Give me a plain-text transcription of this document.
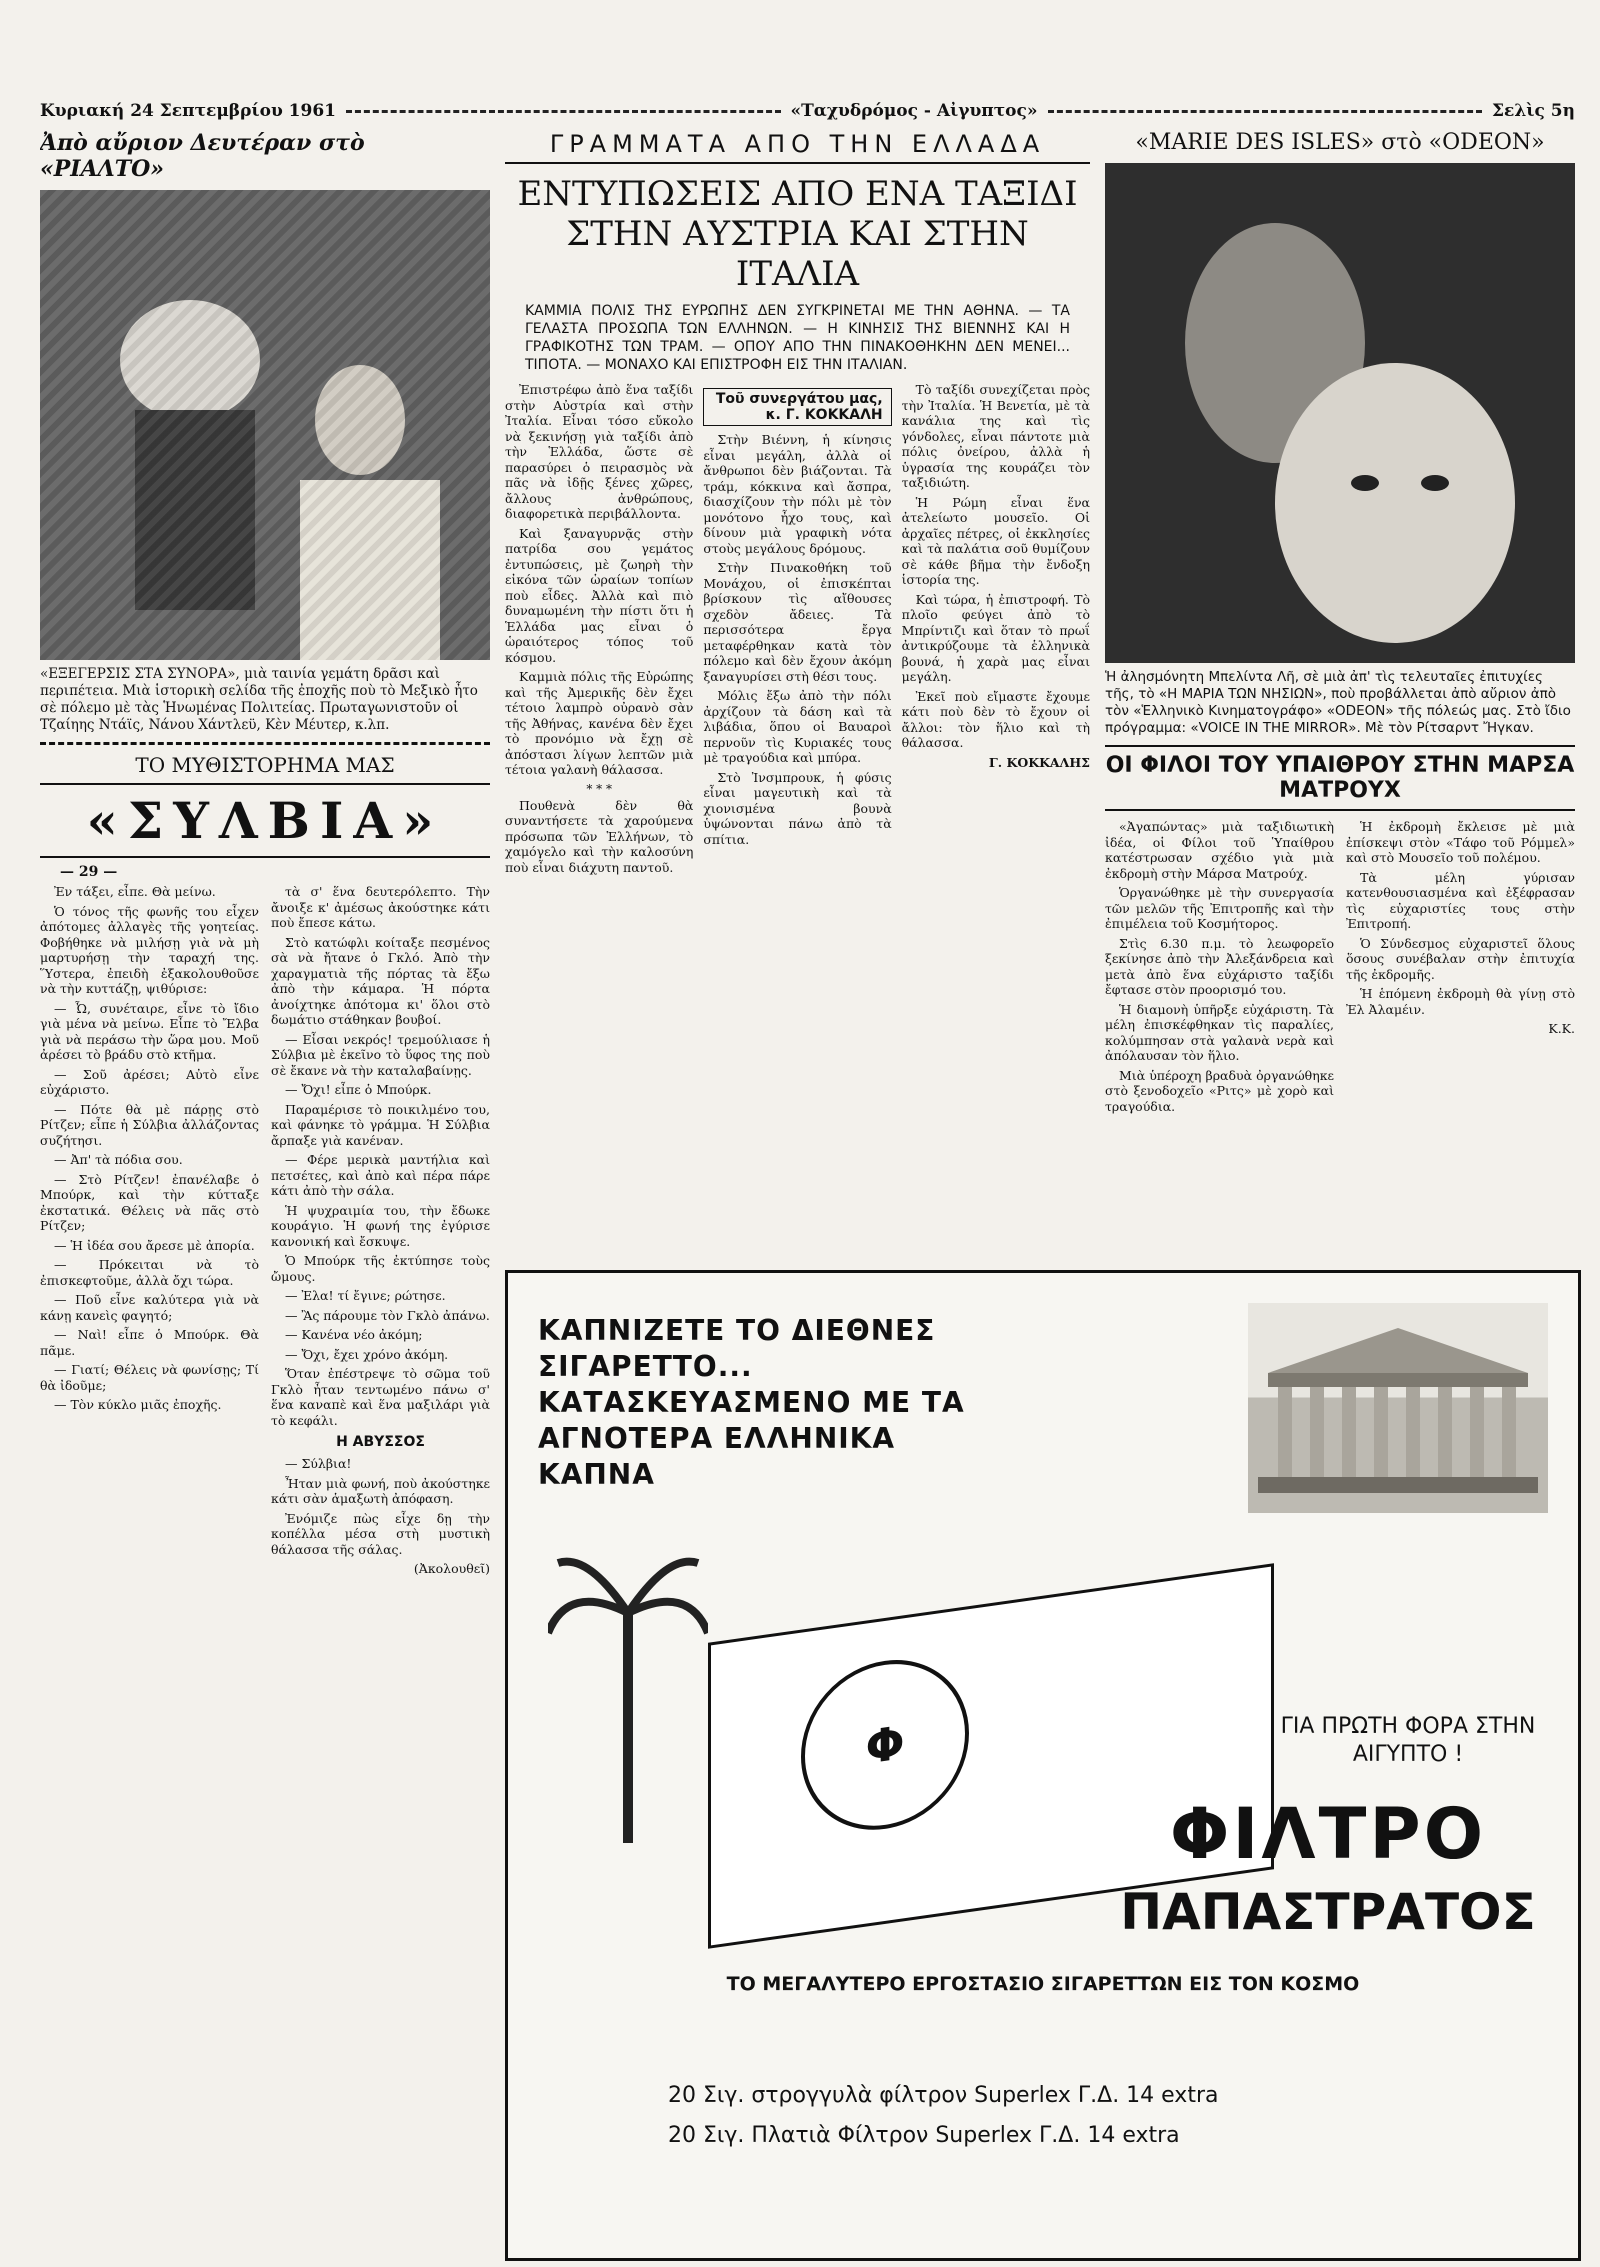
Κυριακή 24 Σεπτεμβρίου 1961	«Ταχυδρόμος - Αἰγυπτος»	Σελὶς 5η
Ἀπὸ αὔριον Δευτέραν στὸ «ΡΙΑΛΤΟ»
«ΕΞΕΓΕΡΣΙΣ ΣΤΑ ΣΥΝΟΡΑ», μιὰ ταινία γεμάτη δρᾶσι καὶ περιπέτεια. Μιὰ ἱστορικὴ σελίδα τῆς ἐποχῆς ποὺ τὸ Μεξικὸ ἦτο σὲ πόλεμο μὲ τὰς Ἡνωμένας Πολιτείας. Πρωταγωνιστοῦν οἱ Τζαίηης Ντάϊς, Νάνου Χάντλεϋ, Κὲν Μέυτερ, κ.λπ.
ΤΟ ΜΥΘΙΣΤΟΡΗΜΑ ΜΑΣ
«ΣΥΛΒΙΑ»
— 29 —

Ἐν τάξει, εἶπε. Θὰ μείνω.

Ὁ τόνος τῆς φωνῆς του εἶχεν ἀπότομες ἀλλαγὲς τῆς γοητείας. Φοβήθηκε νὰ μιλήσῃ γιὰ νὰ μὴ μαρτυρήσῃ τὴν ταραχή της. Ὕστερα, ἐπειδὴ ἐξακολουθοῦσε νὰ τὴν κυττάζῃ, ψιθύρισε:

— Ὦ, συνέταιρε, εἶνε τὸ ἴδιο γιὰ μένα νὰ μείνω. Εἶπε τὸ Ἔλβα γιὰ νὰ περάσω τὴν ὥρα μου. Μοῦ ἀρέσει τὸ βράδυ στὸ κτῆμα.

— Σοῦ ἀρέσει; Αὐτὸ εἶνε εὐχάριστο.

— Πότε θὰ μὲ πάρῃς στὸ Ρίτζεν; εἶπε ἡ Σύλβια ἀλλάζοντας συζήτησι.

— Ἀπ' τὰ πόδια σου.

— Στὸ Ρίτζεν! ἐπανέλαβε ὁ Μπούρκ, καὶ τὴν κύτταξε ἐκστατικά. Θέλεις νὰ πᾶς στὸ Ρίτζεν;

— Ἡ ἰδέα σου ἄρεσε μὲ ἀπορία.

— Πρόκειται νὰ τὸ ἐπισκεφτοῦμε, ἀλλὰ ὄχι τώρα.

— Ποῦ εἶνε καλύτερα γιὰ νὰ κάνῃ κανεὶς φαγητό;

— Ναὶ! εἶπε ὁ Μπούρκ. Θὰ πᾶμε.

— Γιατί; Θέλεις νὰ φωνίσῃς; Τί θὰ ἰδοῦμε;

— Τὸν κύκλο μιᾶς ἐποχῆς.

τὰ σ' ἕνα δευτερόλεπτο. Τὴν ἄνοιξε κ' ἀμέσως ἀκούστηκε κάτι ποὺ ἔπεσε κάτω.

Στὸ κατώφλι κοίταξε πεσμένος σὰ νὰ ἤτανε ὁ Γκλό. Ἀπὸ τὴν χαραγματιὰ τῆς πόρτας τὰ ἔξω ἀπὸ τὴν κάμαρα. Ἡ πόρτα ἀνοίχτηκε ἀπότομα κι' ὅλοι στὸ δωμάτιο στάθηκαν βουβοί.

— Εἶσαι νεκρός! τρεμούλιασε ἡ Σύλβια μὲ ἐκεῖνο τὸ ὕφος της ποὺ σὲ ἔκανε νὰ τὴν καταλαβαίνῃς.

— Ὄχι! εἶπε ὁ Μπούρκ.

Παραμέρισε τὸ ποικιλμένο του, καὶ φάνηκε τὸ γράμμα. Ἡ Σύλβια ἄρπαξε γιὰ κανέναν.

— Φέρε μερικὰ μαντήλια καὶ πετσέτες, καὶ ἀπὸ καὶ πέρα πάρε κάτι ἀπὸ τὴν σάλα.

Ἡ ψυχραιμία του, τὴν ἔδωκε κουράγιο. Ἡ φωνή της ἐγύρισε κανονική καὶ ἔσκυψε.

Ὁ Μπούρκ τῆς ἐκτύπησε τοὺς ὤμους.

— Ἐλα! τί ἔγινε; ρώτησε.

— Ἂς πάρουμε τὸν Γκλὸ ἀπάνω.

— Κανένα νέο ἀκόμη;

— Ὄχι, ἔχει χρόνο ἀκόμη.

Ὅταν ἐπέστρεψε τὸ σῶμα τοῦ Γκλὸ ἦταν τεντωμένο πάνω σ' ἕνα καναπὲ καὶ ἕνα μαξιλάρι γιὰ τὸ κεφάλι.

Η ΑΒΥΣΣΟΣ

— Σύλβια!

Ἦταν μιὰ φωνή, ποὺ ἀκούστηκε κάτι σὰν ἁμαξωτὴ ἀπόφαση.

Ἐνόμιζε πὼς εἶχε δῃ τὴν κοπέλλα μέσα στὴ μυστικὴ θάλασσα τῆς σάλας.

(Ἀκολουθεῖ)

ΓΡΑΜΜΑΤΑ ΑΠΟ ΤΗΝ ΕΛΛΑΔΑ
ΕΝΤΥΠΩΣΕΙΣ ΑΠΟ ΕΝΑ ΤΑΞΙΔΙ
ΣΤΗΝ ΑΥΣΤΡΙΑ ΚΑΙ ΣΤΗΝ ΙΤΑΛΙΑ
ΚΑΜΜΙΑ ΠΟΛΙΣ ΤΗΣ ΕΥΡΩΠΗΣ ΔΕΝ ΣΥΓΚΡΙΝΕΤΑΙ ΜΕ ΤΗΝ ΑΘΗΝΑ. — ΤΑ ΓΕΛΑΣΤΑ ΠΡΟΣΩΠΑ ΤΩΝ ΕΛΛΗΝΩΝ. — Η ΚΙΝΗΣΙΣ ΤΗΣ ΒΙΕΝΝΗΣ ΚΑΙ Η ΓΡΑΦΙΚΟΤΗΣ ΤΩΝ ΤΡΑΜ. — ΟΠΟΥ ΑΠΟ ΤΗΝ ΠΙΝΑΚΟΘΗΚΗΝ ΔΕΝ ΜΕΝΕΙ... ΤΙΠΟΤΑ. — ΜΟΝΑΧΟ ΚΑΙ ΕΠΙΣΤΡΟΦΗ ΕΙΣ ΤΗΝ ΙΤΑΛΙΑΝ.

Ἐπιστρέφω ἀπὸ ἕνα ταξίδι στὴν Αὐστρία καὶ στὴν Ἰταλία. Εἶναι τόσο εὔκολο νὰ ξεκινήσῃ γιὰ ταξίδι ἀπὸ τὴν Ἑλλάδα, ὥστε σὲ παρασύρει ὁ πειρασμὸς νὰ πᾶς νὰ ἰδῇς ξένες χῶρες, ἄλλους ἀνθρώπους, διαφορετικὰ περιβάλλοντα.

Καὶ ξαναγυρνᾷς στὴν πατρίδα σου γεμάτος ἐντυπώσεις, μὲ ζωηρὴ τὴν εἰκόνα τῶν ὡραίων τοπίων ποὺ εἶδες. Ἀλλὰ καὶ πιὸ δυναμωμένη τὴν πίστι ὅτι ἡ Ἑλλάδα μας εἶναι ὁ ὡραιότερος τόπος τοῦ κόσμου.

Καμμιὰ πόλις τῆς Εὐρώπης καὶ τῆς Ἀμερικῆς δὲν ἔχει τέτοιο λαμπρὸ οὐρανὸ σὰν τῆς Ἀθήνας, κανένα δὲν ἔχει τὸ προνόμιο νὰ ἔχῃ σὲ ἀπόστασι λίγων λεπτῶν μιὰ τέτοια γαλανὴ θάλασσα.

* * *

Πουθενὰ δὲν θὰ συναντήσετε τὰ χαρούμενα πρόσωπα τῶν Ἑλλήνων, τὸ χαμόγελο καὶ τὴν καλοσύνη ποὺ εἶναι διάχυτη παντοῦ.

Τοῦ συνεργάτου μας, κ. Γ. ΚΟΚΚΑΛΗ

Στὴν Βιέννη, ἡ κίνησις εἶναι μεγάλη, ἀλλὰ οἱ ἄνθρωποι δὲν βιάζονται. Τὰ τράμ, κόκκινα καὶ ἄσπρα, διασχίζουν τὴν πόλι μὲ τὸν μονότονο ἦχο τους, καὶ δίνουν μιὰ γραφικὴ νότα στοὺς μεγάλους δρόμους.

Στὴν Πινακοθήκη τοῦ Μονάχου, οἱ ἐπισκέπται βρίσκουν τὶς αἴθουσες σχεδὸν ἄδειες. Τὰ περισσότερα ἔργα μεταφέρθηκαν κατὰ τὸν πόλεμο καὶ δὲν ἔχουν ἀκόμη ξαναγυρίσει στὴ θέσι τους.

Μόλις ἔξω ἀπὸ τὴν πόλι ἀρχίζουν τὰ δάση καὶ τὰ λιβάδια, ὅπου οἱ Βαυαροὶ περνοῦν τὶς Κυριακές τους μὲ τραγούδια καὶ μπύρα.

Στὸ Ἰνσμπρουκ, ἡ φύσις εἶναι μαγευτικὴ καὶ τὰ χιονισμένα βουνὰ ὑψώνονται πάνω ἀπὸ τὰ σπίτια.

Τὸ ταξίδι συνεχίζεται πρὸς τὴν Ἰταλία. Ἡ Βενετία, μὲ τὰ κανάλια της καὶ τὶς γόνδολες, εἶναι πάντοτε μιὰ πόλις ὀνείρου, ἀλλὰ ἡ ὑγρασία της κουράζει τὸν ταξιδιώτη.

Ἡ Ρώμη εἶναι ἕνα ἀτελείωτο μουσεῖο. Οἱ ἀρχαῖες πέτρες, οἱ ἐκκλησίες καὶ τὰ παλάτια σοῦ θυμίζουν σὲ κάθε βῆμα τὴν ἔνδοξη ἱστορία της.

Καὶ τώρα, ἡ ἐπιστροφή. Τὸ πλοῖο φεύγει ἀπὸ τὸ Μπρίντιζι καὶ ὅταν τὸ πρωΐ ἀντικρύζουμε τὰ ἑλληνικὰ βουνά, ἡ χαρὰ μας εἶναι μεγάλη.

Ἐκεῖ ποὺ εἴμαστε ἔχουμε κάτι ποὺ δὲν τὸ ἔχουν οἱ ἄλλοι: τὸν ἥλιο καὶ τὴ θάλασσα.

Γ. ΚΟΚΚΑΛΗΣ

«MARIE DES ISLES» στὸ «ODEON»
Ἡ ἀλησμόνητη Μπελίντα Λῆ, σὲ μιὰ ἀπ' τὶς τελευταῖες ἐπιτυχίες τῆς, τὸ «Η ΜΑΡΙΑ ΤΩΝ ΝΗΣΙΩΝ», ποὺ προβάλλεται ἀπὸ αὔριον ἀπὸ τὸν «Ἑλληνικὸ Κινηματογράφο» «ODEON» τῆς πόλεώς μας. Στὸ ἴδιο πρόγραμμα: «VOICE IN THE MIRROR». Μὲ τὸν Ρίτσαρντ Ἤγκαν.
ΟΙ ΦΙΛΟΙ ΤΟΥ ΥΠΑΙΘΡΟΥ ΣΤΗΝ ΜΑΡΣΑ ΜΑΤΡΟΥΧ

«Ἀγαπώντας» μιὰ ταξιδιωτικὴ ἰδέα, οἱ Φίλοι τοῦ Ὑπαίθρου κατέστρωσαν σχέδιο γιὰ μιὰ ἐκδρομὴ στὴν Μάρσα Ματρούχ.

Ὁργανώθηκε μὲ τὴν συνεργασία τῶν μελῶν τῆς Ἐπιτροπῆς καὶ τὴν ἐπιμέλεια τοῦ Κοσμήτορος.

Στὶς 6.30 π.μ. τὸ λεωφορεῖο ξεκίνησε ἀπὸ τὴν Ἀλεξάνδρεια καὶ μετὰ ἀπὸ ἕνα εὐχάριστο ταξίδι ἔφτασε στὸν προορισμό του.

Ἡ διαμονὴ ὑπῆρξε εὐχάριστη. Τὰ μέλη ἐπισκέφθηκαν τὶς παραλίες, κολύμπησαν στὰ γαλανὰ νερὰ καὶ ἀπόλαυσαν τὸν ἥλιο.

Μιὰ ὑπέροχη βραδυὰ ὀργανώθηκε στὸ ξενοδοχεῖο «Ριτς» μὲ χορὸ καὶ τραγούδια.

Ἡ ἐκδρομὴ ἔκλεισε μὲ μιὰ ἐπίσκεψι στὸν «Τάφο τοῦ Ρόμμελ» καὶ στὸ Μουσεῖο τοῦ πολέμου.

Τὰ μέλη γύρισαν κατενθουσιασμένα καὶ ἐξέφρασαν τὶς εὐχαριστίες τους στὴν Ἐπιτροπή.

Ὁ Σύνδεσμος εὐχαριστεῖ ὅλους ὅσους συνέβαλαν στὴν ἐπιτυχία τῆς ἐκδρομῆς.

Ἡ ἑπόμενη ἐκδρομὴ θὰ γίνῃ στὸ Ἐλ Ἀλαμέιν.

Κ.Κ.

ΚΑΠΝΙΖΕΤΕ ΤΟ ΔΙΕΘΝΕΣ ΣΙΓΑΡΕΤΤΟ...
ΚΑΤΑΣΚΕΥΑΣΜΕΝΟ ΜΕ ΤΑ
ΑΓΝΟΤΕΡΑ ΕΛΛΗΝΙΚΑ
ΚΑΠΝΑ
Φ	ΓΙΑ ΠΡΩΤΗ ΦΟΡΑ ΣΤΗΝ ΑΙΓΥΠΤΟ !
ΦΙΛΤΡΟ
ΠΑΠΑΣΤΡΑΤΟΣ
ΤΟ ΜΕΓΑΛΥΤΕΡΟ ΕΡΓΟΣΤΑΣΙΟ ΣΙΓΑΡΕΤΤΩΝ ΕΙΣ ΤΟΝ ΚΟΣΜΟ
20 Σιγ. στρογγυλὰ φίλτρον Superlex Γ.Δ. 14 extra
20 Σιγ. Πλατιὰ Φίλτρον Superlex Γ.Δ. 14 extra
